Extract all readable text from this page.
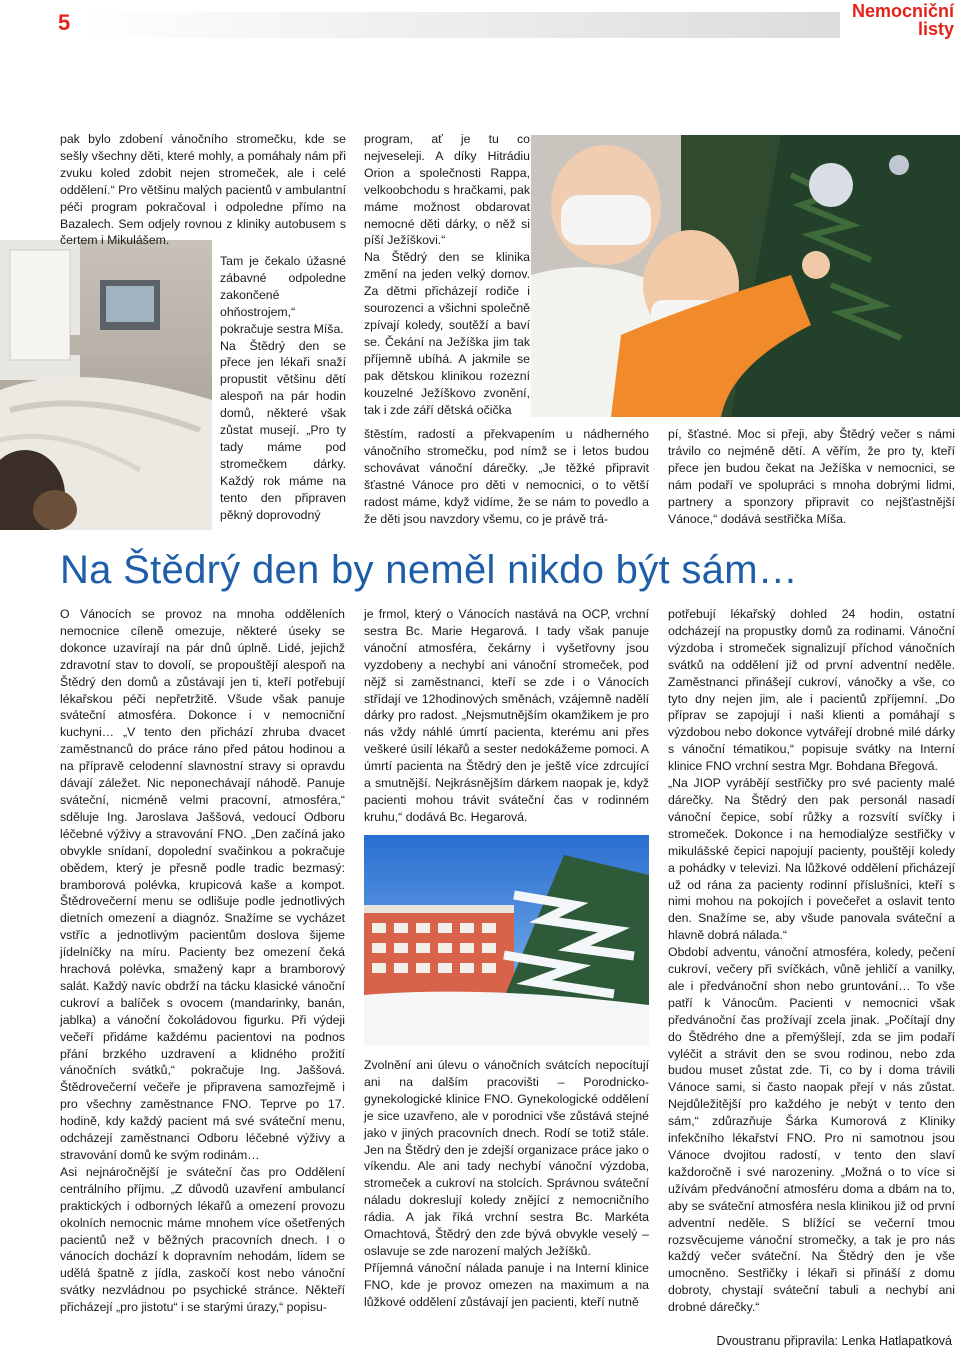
5	Nemocniční
listy

pak bylo zdobení vánočního stromečku, kde se sešly všechny děti, které mohly, a pomáhaly nám při zvuku koled zdobit nejen stromeček, ale i celé oddělení.“ Pro většinu malých pacientů v ambulantní péči program pokračoval i odpoledne přímo na Bazalech. Sem odjely rovnou z kliniky autobusem s čertem i Mikulášem.

Tam je čekalo úžasné zábavné odpoledne zakončené ohňostrojem,“ pokračuje sestra Míša.

Na Štědrý den se přece jen lékaři snaží propustit většinu dětí alespoň na pár hodin domů, některé však zůstat musejí. „Pro ty tady máme pod stromečkem dárky. Každý rok máme na tento den připraven pěkný doprovodný

program, ať je tu co nejveseleji. A díky Hitrádiu Orion a společnosti Rappa, velkoobchodu s hračkami, pak máme možnost obdarovat nemocné děti dárky, o něž si píší Ježíškovi.“

Na Štědrý den se klinika změní na jeden velký domov. Za dětmi přicházejí rodiče i sourozenci a všichni společně zpívají koledy, soutěží a baví se. Čekání na Ježíška jim tak příjemně ubíhá. A jakmile se pak dětskou klinikou rozezní kouzelné Ježíškovo zvonění, tak i zde září dětská očička

štěstím, radostí a překvapením u nádherného vánočního stromečku, pod nímž se i letos budou schovávat vánoční dárečky. „Je těžké připravit šťastné Vánoce pro děti v nemocnici, o to větší radost máme, když vidíme, že se nám to povedlo a že děti jsou navzdory všemu, co je právě trá-

pí, šťastné. Moc si přeji, aby Štědrý večer s námi trávilo co nejméně dětí. A věřím, že pro ty, kteří přece jen budou čekat na Ježíška v nemocnici, se nám podaří ve spolupráci s mnoha dobrými lidmi, partnery a sponzory připravit co nejšťastnější Vánoce,“ dodává sestřička Míša.

Na Štědrý den by neměl nikdo být sám…

O Vánocích se provoz na mnoha odděleních nemocnice cíleně omezuje, některé úseky se dokonce uzavírají na pár dnů úplně. Lidé, jejichž zdravotní stav to dovolí, se propouštějí alespoň na Štědrý den domů a zůstávají jen ti, kteří potřebují lékařskou péči nepřetržitě. Všude však panuje sváteční atmosféra. Dokonce i v nemocniční kuchyni… „V tento den přichází zhruba dvacet zaměstnanců do práce ráno před pátou hodinou a na přípravě celodenní slavnostní stravy si opravdu dávají záležet. Nic neponechávají náhodě. Panuje sváteční, nicméně velmi pracovní, atmosféra,“ sděluje Ing. Jaroslava Jaššová, vedoucí Odboru léčebné výživy a stravování FNO. „Den začíná jako obvykle snídaní, dopolední svačinkou a pokračuje obědem, který je přesně podle tradic bezmasý: bramborová polévka, krupicová kaše a kompot. Štědrovečerní menu se odlišuje podle jednotlivých dietních omezení a diagnóz. Snažíme se vycházet vstříc a jednotlivým pacientům doslova šijeme jídelníčky na míru. Pacienty bez omezení čeká hrachová polévka, smažený kapr a bramborový salát. Každý navíc obdrží na tácku klasické vánoční cukroví a balíček s ovocem (mandarinky, banán, jablka) a vánoční čokoládovou figurku. Při výdeji večeří přidáme každému pacientovi na podnos přání brzkého uzdravení a klidného prožití vánočních svátků,“ pokračuje Ing. Jaššová. Štědrovečerní večeře je připravena samozřejmě i pro všechny zaměstnance FNO. Teprve po 17. hodině, kdy každý pacient má své sváteční menu, odcházejí zaměstnanci Odboru léčebné výživy a stravování domů ke svým rodinám…

Asi nejnáročnější je sváteční čas pro Oddělení centrálního příjmu. „Z důvodů uzavření ambulancí praktických i odborných lékařů a omezení provozu okolních nemocnic máme mnohem více ošetřených pacientů než v běžných pracovních dnech. I o vánocích dochází k dopravním nehodám, lidem se udělá špatně z jídla, zaskočí kost nebo vánoční svátky nezvládnou po psychické stránce. Někteří přicházejí „pro jistotu“ i se starými úrazy,“ popisu-

je frmol, který o Vánocích nastává na OCP, vrchní sestra Bc. Marie Hegarová. I tady však panuje vánoční atmosféra, čekárny i vyšetřovny jsou vyzdobeny a nechybí ani vánoční stromeček, pod nějž si zaměstnanci, kteří se zde i o Vánocích střídají ve 12hodinových směnách, vzájemně nadělí dárky pro radost. „Nejsmutnějším okamžikem je pro nás vždy náhlé úmrtí pacienta, kterému ani přes veškeré úsilí lékařů a sester nedokážeme pomoci. A úmrtí pacienta na Štědrý den je ještě více zdrcující a smutnější. Nejkrásnějším dárkem naopak je, když pacienti mohou trávit sváteční čas v rodinném kruhu,“ dodává Bc. Hegarová.

Zvolnění ani úlevu o vánočních svátcích nepocítují ani na dalším pracovišti – Porodnicko-gynekologické klinice FNO. Gynekologické oddělení je sice uzavřeno, ale v porodnici vše zůstává stejné jako v jiných pracovních dnech. Rodí se totiž stále. Jen na Štědrý den je zdejší organizace práce jako o víkendu. Ale ani tady nechybí vánoční výzdoba, stromeček a cukroví na stolcích. Správnou sváteční náladu dokreslují koledy znějící z nemocničního rádia. A jak říká vrchní sestra Bc. Markéta Omachtová, Štědrý den zde bývá obvykle veselý – oslavuje se zde narození malých Ježíšků.

Příjemná vánoční nálada panuje i na Interní klinice FNO, kde je provoz omezen na maximum a na lůžkové oddělení zůstávají jen pacienti, kteří nutně

potřebují lékařský dohled 24 hodin, ostatní odcházejí na propustky domů za rodinami. Vánoční výzdoba i stromeček signalizují příchod vánočních svátků na oddělení již od první adventní neděle. Zaměstnanci přinášejí cukroví, vánočky a vše, co tyto dny nejen jim, ale i pacientů zpříjemní. „Do příprav se zapojují i naši klienti a pomáhají s výzdobou nebo dokonce vytvářejí drobné milé dárky s vánoční tématikou,“ popisuje svátky na Interní klinice FNO vrchní sestra Mgr. Bohdana Břegová.

„Na JIOP vyrábějí sestřičky pro své pacienty malé dárečky. Na Štědrý den pak personál nasadí vánoční čepice, sobí růžky a rozsvítí svíčky i stromeček. Dokonce i na hemodialýze sestřičky v mikulášské čepici napojují pacienty, pouštějí koledy a pohádky v televizi. Na lůžkové oddělení přicházejí už od rána za pacienty rodinní příslušníci, kteří s nimi mohou na pokojích i povečeřet a oslavit tento den. Snažíme se, aby všude panovala sváteční a hlavně dobrá nálada.“

Období adventu, vánoční atmosféra, koledy, pečení cukroví, večery při svíčkách, vůně jehličí a vanilky, ale i předvánoční shon nebo gruntování… To vše patří k Vánocům. Pacienti v nemocnici však předvánoční čas prožívají zcela jinak. „Počítají dny do Štědrého dne a přemýšlejí, zda se jim podaří vyléčit a strávit den se svou rodinou, nebo zda budou muset zůstat zde. Ti, co by i doma trávili Vánoce sami, si často naopak přejí v nás zůstat. Nejdůležitější pro každého je nebýt v tento den sám,“ zdůrazňuje Šárka Kumorová z Kliniky infekčního lékařství FNO. Pro ni samotnou jsou Vánoce dvojitou radostí, v tento den slaví každoročně i své narozeniny. „Možná o to více si užívám předvánoční atmosféru doma a dbám na to, aby se sváteční atmosféra nesla klinikou již od první adventní neděle. S blížící se večerní tmou rozsvěcujeme vánoční stromečky, a tak je pro nás každý večer sváteční. Na Štědrý den je vše umocněno. Sestřičky i lékaři si přináší z domu dobroty, chystají sváteční tabuli a nechybí ani drobné dárečky.“

Dvoustranu připravila: Lenka Hatlapatková
